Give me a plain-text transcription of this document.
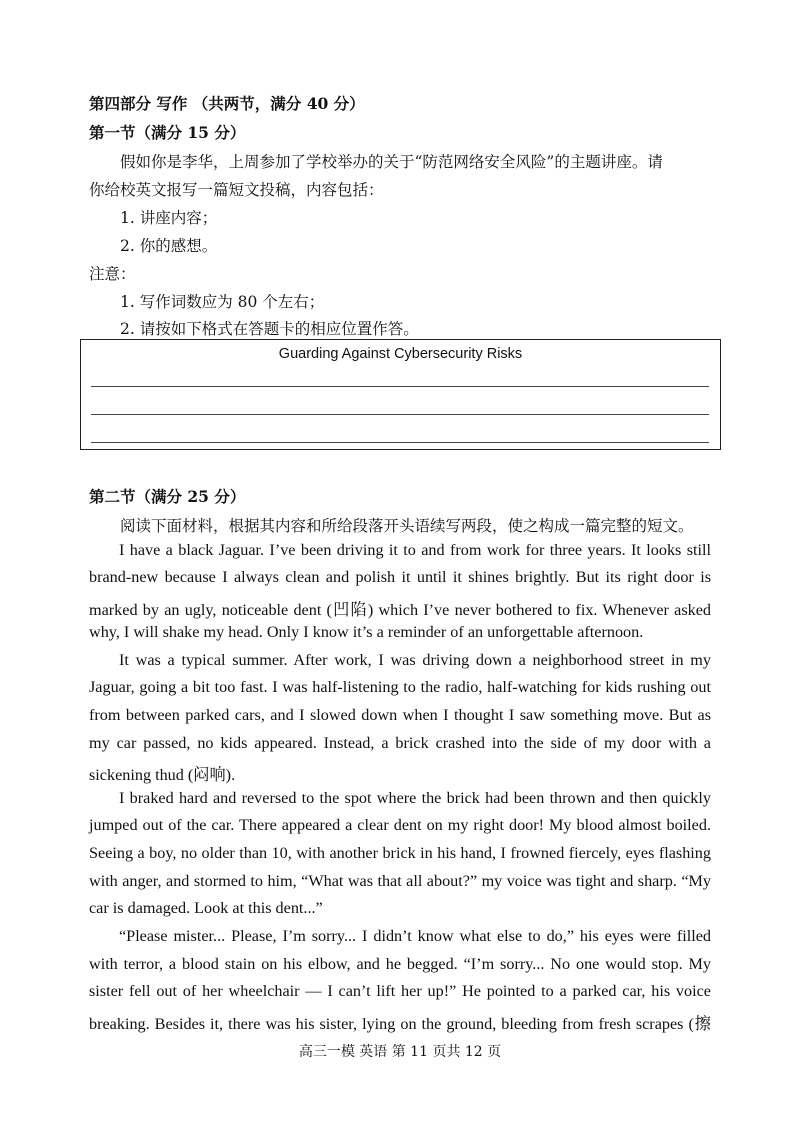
第四部分 写作 （共两节，满分 40 分）
第一节（满分 15 分）
假如你是李华，上周参加了学校举办的关于“防范网络安全风险”的主题讲座。请
你给校英文报写一篇短文投稿，内容包括：
1. 讲座内容；
2. 你的感想。
注意：
1. 写作词数应为 80 个左右；
2. 请按如下格式在答题卡的相应位置作答。
Guarding Against Cybersecurity Risks
第二节（满分 25 分）
阅读下面材料，根据其内容和所给段落开头语续写两段，使之构成一篇完整的短文。
I have a black Jaguar. I’ve been driving it to and from work for three years. It looks still
brand-new because I always clean and polish it until it shines brightly. But its right door is
marked by an ugly, noticeable dent (凹陷) which I’ve never bothered to fix. Whenever asked
why, I will shake my head. Only I know it’s a reminder of an unforgettable afternoon.
It was a typical summer. After work, I was driving down a neighborhood street in my
Jaguar, going a bit too fast. I was half-listening to the radio, half-watching for kids rushing out
from between parked cars, and I slowed down when I thought I saw something move. But as
my car passed, no kids appeared. Instead, a brick crashed into the side of my door with a
sickening thud (闷响).
I braked hard and reversed to the spot where the brick had been thrown and then quickly
jumped out of the car. There appeared a clear dent on my right door! My blood almost boiled.
Seeing a boy, no older than 10, with another brick in his hand, I frowned fiercely, eyes flashing
with anger, and stormed to him, “What was that all about?” my voice was tight and sharp. “My
car is damaged. Look at this dent...”
“Please mister... Please, I’m sorry... I didn’t know what else to do,” his eyes were filled
with terror, a blood stain on his elbow, and he begged. “I’m sorry... No one would stop. My
sister fell out of her wheelchair — I can’t lift her up!” He pointed to a parked car, his voice
breaking. Besides it, there was his sister, lying on the ground, bleeding from fresh scrapes (擦
高三一模 英语 第 11 页共 12 页
